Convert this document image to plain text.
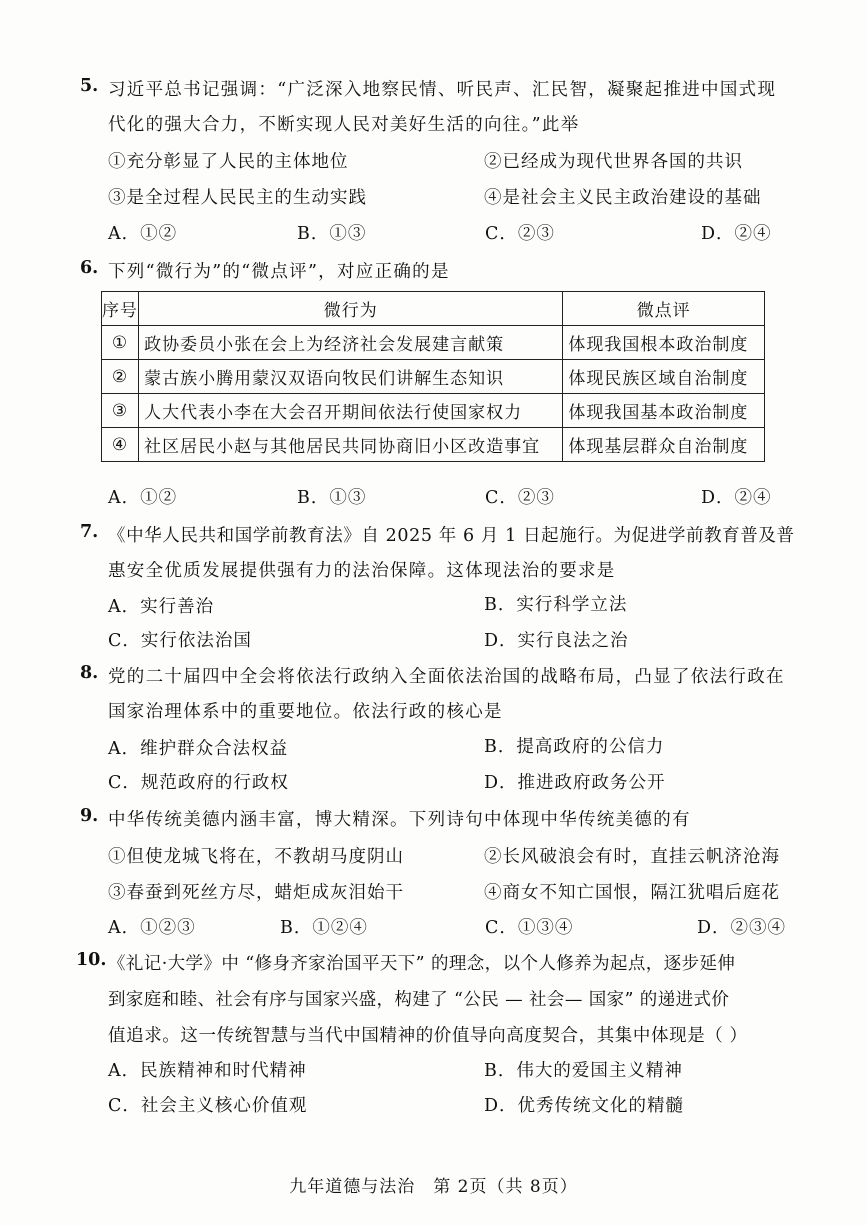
5. 习近平总书记强调：“广泛深入地察民情、听民声、汇民智，凝聚起推进中国式现
代化的强大合力，不断实现人民对美好生活的向往。”此举
①充分彰显了人民的主体地位	②已经成为现代世界各国的共识
③是全过程人民民主的生动实践	④是社会主义民主政治建设的基础
A．①②	B．①③	C．②③	D．②④
6. 下列“微行为”的“微点评”，对应正确的是
序号	微行为	微点评
①	政协委员小张在会上为经济社会发展建言献策	体现我国根本政治制度
②	蒙古族小腾用蒙汉双语向牧民们讲解生态知识	体现民族区域自治制度
③	人大代表小李在大会召开期间依法行使国家权力	体现我国基本政治制度
④	社区居民小赵与其他居民共同协商旧小区改造事宜	体现基层群众自治制度
A．①②	B．①③	C．②③	D．②④
7. 《中华人民共和国学前教育法》自 2025 年 6 月 1 日起施行。为促进学前教育普及普
惠安全优质发展提供强有力的法治保障。这体现法治的要求是
A．实行善治	B．实行科学立法
C．实行依法治国	D．实行良法之治
8. 党的二十届四中全会将依法行政纳入全面依法治国的战略布局，凸显了依法行政在
国家治理体系中的重要地位。依法行政的核心是
A．维护群众合法权益	B．提高政府的公信力
C．规范政府的行政权	D．推进政府政务公开
9. 中华传统美德内涵丰富，博大精深。下列诗句中体现中华传统美德的有
①但使龙城飞将在，不教胡马度阴山	②长风破浪会有时，直挂云帆济沧海
③春蚕到死丝方尽，蜡炬成灰泪始干	④商女不知亡国恨，隔江犹唱后庭花
A．①②③	B．①②④	C．①③④	D．②③④
10. 《礼记·大学》中 “修身齐家治国平天下” 的理念，以个人修养为起点，逐步延伸
到家庭和睦、社会有序与国家兴盛，构建了 “公民 — 社会— 国家” 的递进式价
值追求。这一传统智慧与当代中国精神的价值导向高度契合，其集中体现是（ ）
A．民族精神和时代精神	B．伟大的爱国主义精神
C．社会主义核心价值观	D．优秀传统文化的精髓
九年道德与法治　第 2页（共 8页）
